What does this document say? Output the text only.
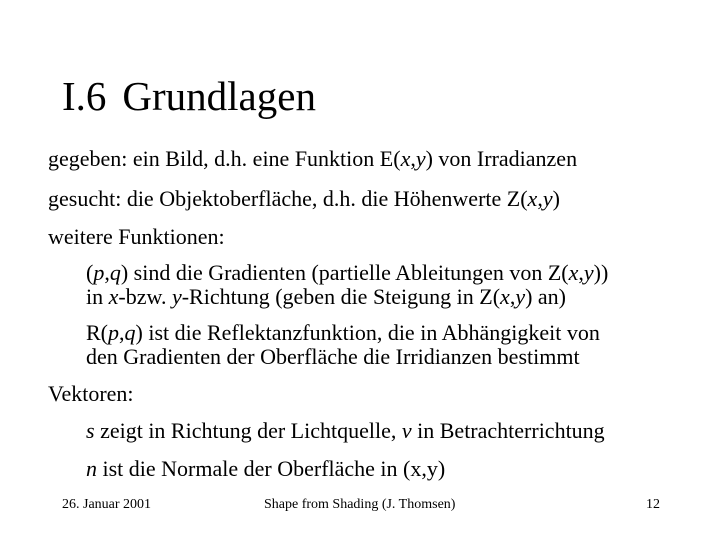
I.6 Grundlagen

gegeben: ein Bild, d.h. eine Funktion E(x,y) von Irradianzen

gesucht: die Objektoberfläche, d.h. die Höhenwerte Z(x,y)

weitere Funktionen:

(p,q) sind die Gradienten (partielle Ableitungen von Z(x,y))

in x-bzw. y-Richtung (geben die Steigung in Z(x,y) an)

R(p,q) ist die Reflektanzfunktion, die in Abhängigkeit von

den Gradienten der Oberfläche die Irridianzen bestimmt

Vektoren:

s zeigt in Richtung der Lichtquelle, v in Betrachterrichtung

n ist die Normale der Oberfläche in (x,y)

26. Januar 2001	Shape from Shading (J. Thomsen)	12
